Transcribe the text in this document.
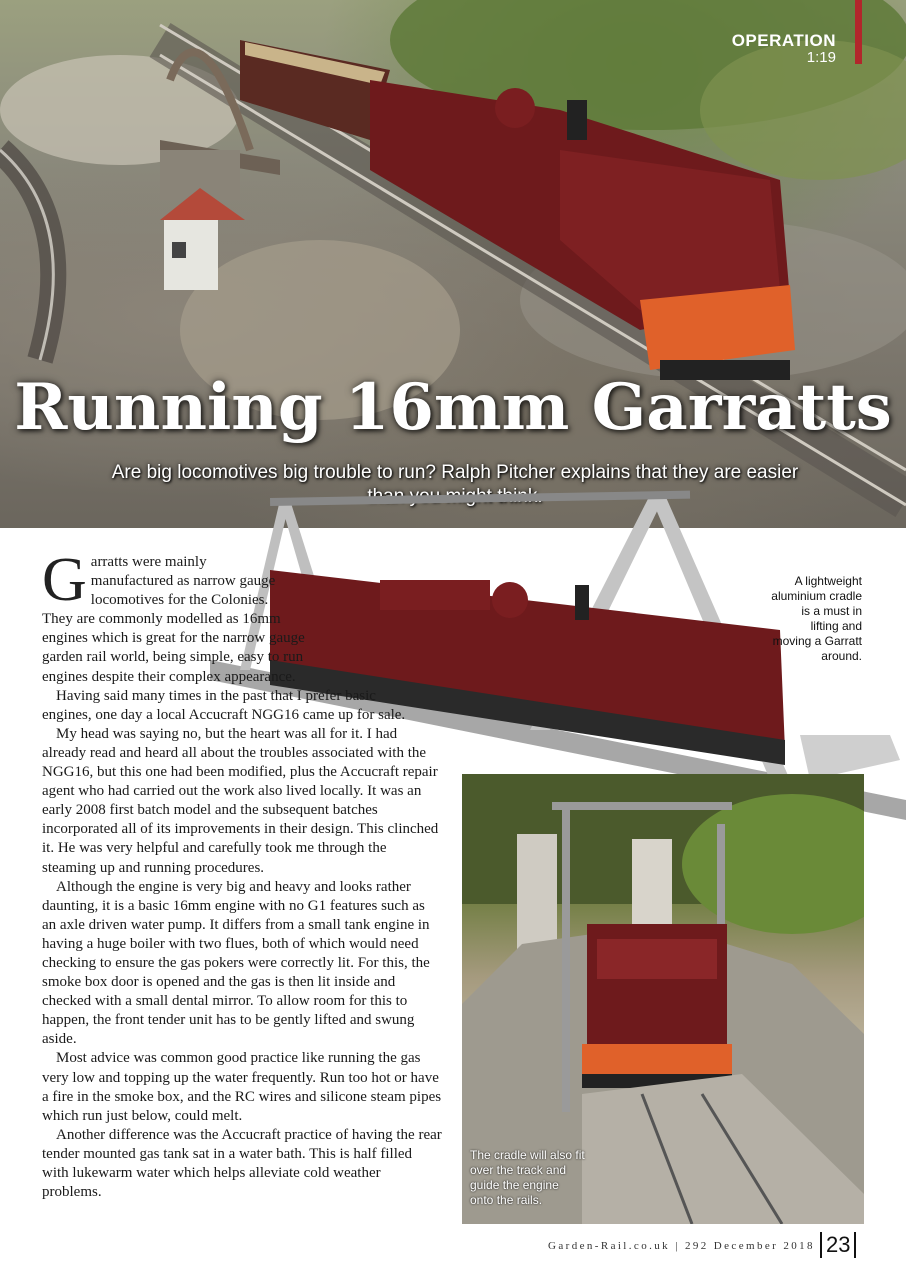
OPERATION
1:19
Running 16mm Garratts
Are big locomotives big trouble to run? Ralph Pitcher explains that they are easier
A lightweight aluminium cradle is a must in lifting and moving a Garratt around.
The cradle will also fit over the track and guide the engine onto the rails.

Garratts were mainly manufactured as narrow gauge locomotives for the Colonies. They are commonly modelled as 16mm engines which is great for the narrow gauge garden rail world, being simple, easy to run engines despite their complex appearance.

Having said many times in the past that I prefer basic engines, one day a local Accucraft NGG16 came up for sale.

My head was saying no, but the heart was all for it. I had already read and heard all about the troubles associated with the NGG16, but this one had been modified, plus the Accucraft repair agent who had carried out the work also lived locally. It was an early 2008 first batch model and the subsequent batches incorporated all of its improvements in their design. This clinched it. He was very helpful and carefully took me through the steaming up and running procedures.

Although the engine is very big and heavy and looks rather daunting, it is a basic 16mm engine with no G1 features such as an axle driven water pump. It differs from a small tank engine in having a huge boiler with two flues, both of which would need checking to ensure the gas pokers were correctly lit. For this, the smoke box door is opened and the gas is then lit inside and checked with a small dental mirror. To allow room for this to happen, the front tender unit has to be gently lifted and swung aside.

Most advice was common good practice like running the gas very low and topping up the water frequently. Run too hot or have a fire in the smoke box, and the RC wires and silicone steam pipes which run just below, could melt.

Another difference was the Accucraft practice of having the rear tender mounted gas tank sat in a water bath. This is half filled with lukewarm water which helps alleviate cold weather problems.

Garden-Rail.co.uk | 292 December 2018 23
